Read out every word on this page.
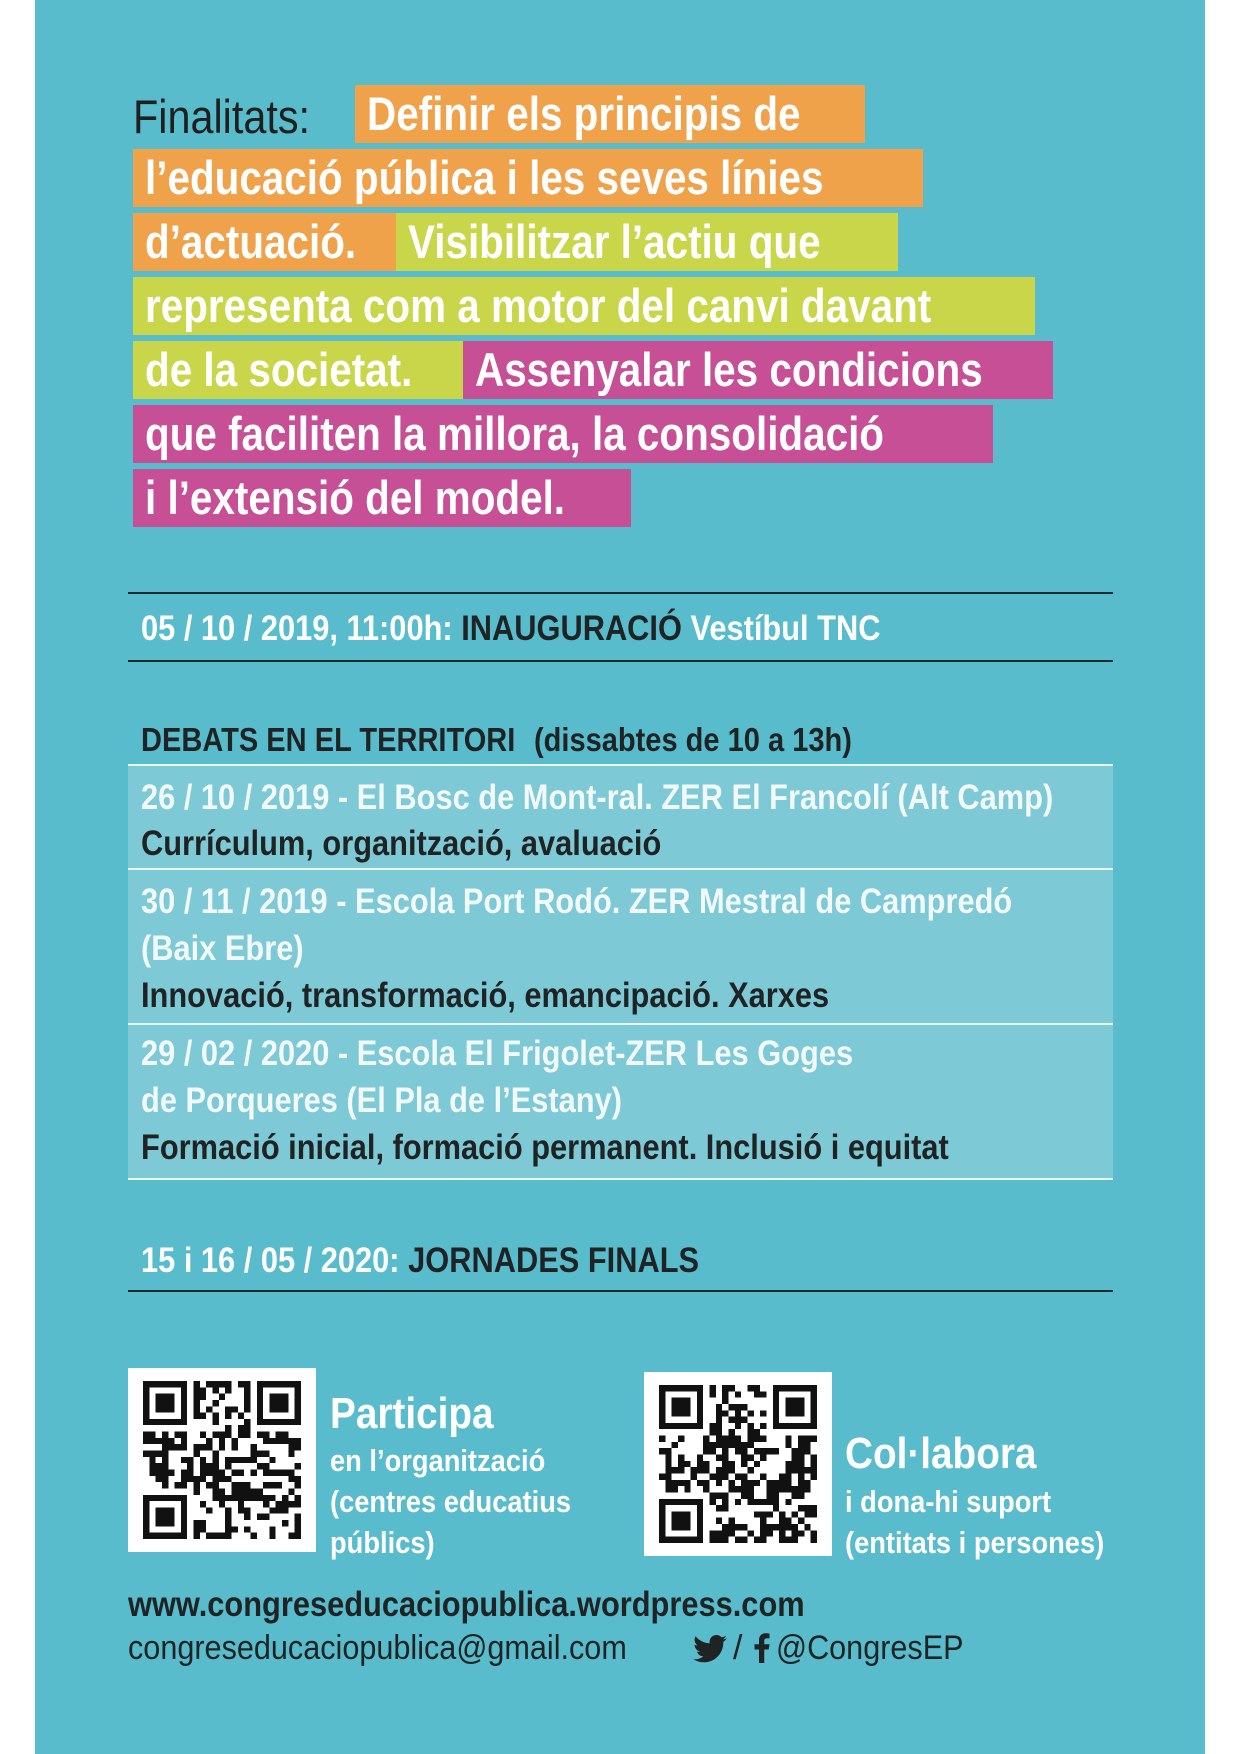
Finalitats: Definir els principis de
l’educació pública i les seves línies
d’actuació.	Visibilitzar l’actiu que
representa com a motor del canvi davant
de la societat.	Assenyalar les condicions
que faciliten la millora, la consolidació
i l’extensió del model.
05 / 10 / 2019, 11:00h: INAUGURACIÓ Vestíbul TNC
DEBATS EN EL TERRITORI (dissabtes de 10 a 13h)
26 / 10 / 2019 - El Bosc de Mont-ral. ZER El Francolí (Alt Camp)
Currículum, organització, avaluació
30 / 11 / 2019 - Escola Port Rodó. ZER Mestral de Campredó
(Baix Ebre)
Innovació, transformació, emancipació. Xarxes
29 / 02 / 2020 - Escola El Frigolet-ZER Les Goges
de Porqueres (El Pla de l’Estany)
Formació inicial, formació permanent. Inclusió i equitat
15 i 16 / 05 / 2020: JORNADES FINALS
Participa
en l’organització
(centres educatius
públics)
Col·labora
i dona-hi suport
(entitats i persones)
www.congreseducaciopublica.wordpress.com
congreseducaciopublica@gmail.com	/ @CongresEP
